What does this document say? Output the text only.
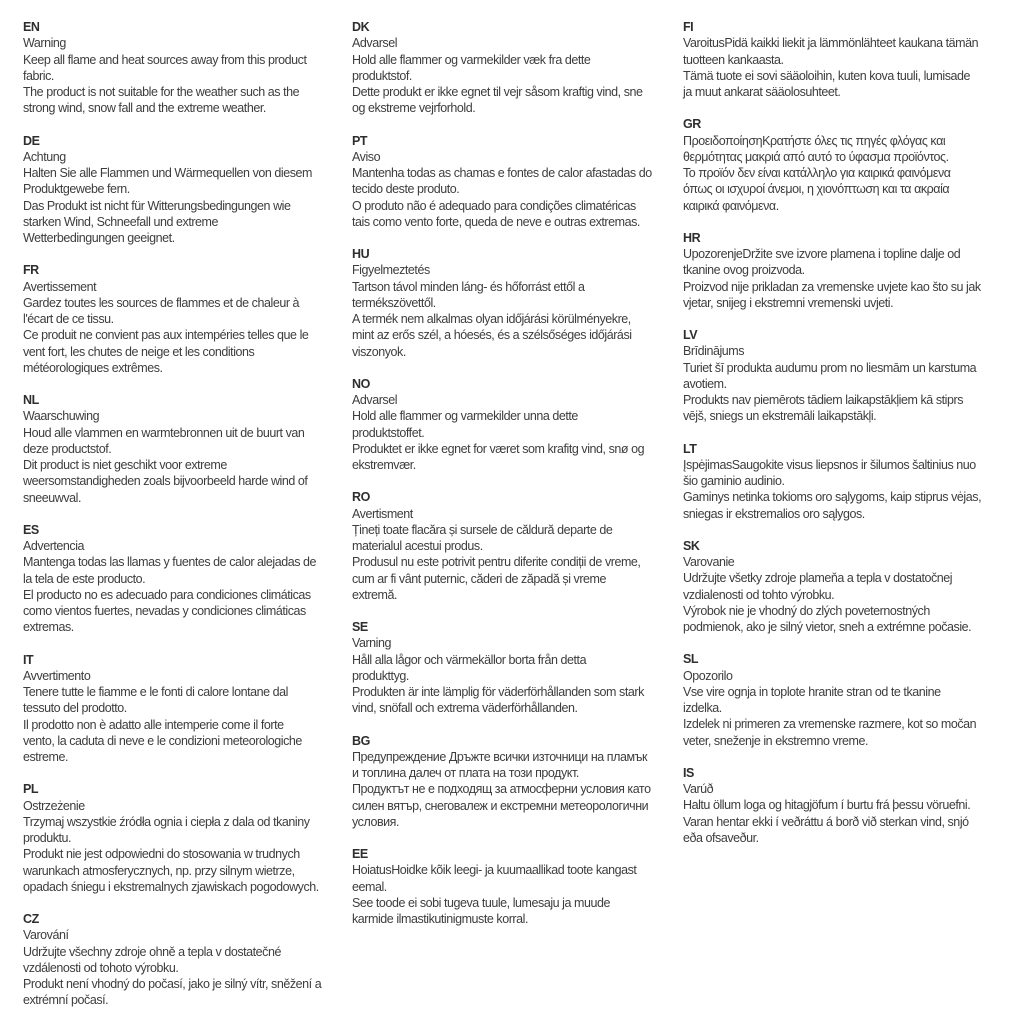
EN
Warning
Keep all flame and heat sources away from this product
fabric.
The product is not suitable for the weather such as the
strong wind, snow fall and the extreme weather.
DE
Achtung
Halten Sie alle Flammen und Wärmequellen von diesem
Produktgewebe fern.
Das Produkt ist nicht für Witterungsbedingungen wie
starken Wind, Schneefall und extreme
Wetterbedingungen geeignet.
FR
Avertissement
Gardez toutes les sources de flammes et de chaleur à
l'écart de ce tissu.
Ce produit ne convient pas aux intempéries telles que le
vent fort, les chutes de neige et les conditions
météorologiques extrêmes.
NL
Waarschuwing
Houd alle vlammen en warmtebronnen uit de buurt van
deze productstof.
Dit product is niet geschikt voor extreme
weersomstandigheden zoals bijvoorbeeld harde wind of
sneeuwval.
ES
Advertencia
Mantenga todas las llamas y fuentes de calor alejadas de
la tela de este producto.
El producto no es adecuado para condiciones climáticas
como vientos fuertes, nevadas y condiciones climáticas
extremas.
IT
Avvertimento
Tenere tutte le fiamme e le fonti di calore lontane dal
tessuto del prodotto.
Il prodotto non è adatto alle intemperie come il forte
vento, la caduta di neve e le condizioni meteorologiche
estreme.
PL
Ostrzeżenie
Trzymaj wszystkie źródła ognia i ciepła z dala od tkaniny
produktu.
Produkt nie jest odpowiedni do stosowania w trudnych
warunkach atmosferycznych, np. przy silnym wietrze,
opadach śniegu i ekstremalnych zjawiskach pogodowych.
CZ
Varování
Udržujte všechny zdroje ohně a tepla v dostatečné
vzdálenosti od tohoto výrobku.
Produkt není vhodný do počasí, jako je silný vítr, sněžení a
extrémní počasí.
DK
Advarsel
Hold alle flammer og varmekilder væk fra dette
produktstof.
Dette produkt er ikke egnet til vejr såsom kraftig vind, sne
og ekstreme vejrforhold.
PT
Aviso
Mantenha todas as chamas e fontes de calor afastadas do
tecido deste produto.
O produto não é adequado para condições climatéricas
tais como vento forte, queda de neve e outras extremas.
HU
Figyelmeztetés
Tartson távol minden láng- és hőforrást ettől a
termékszövettől.
A termék nem alkalmas olyan időjárási körülményekre,
mint az erős szél, a hóesés, és a szélsőséges időjárási
viszonyok.
NO
Advarsel
Hold alle flammer og varmekilder unna dette
produktstoffet.
Produktet er ikke egnet for været som krafitg vind, snø og
ekstremvær.
RO
Avertisment
Țineți toate flacăra și sursele de căldură departe de
materialul acestui produs.
Produsul nu este potrivit pentru diferite condiții de vreme,
cum ar fi vânt puternic, căderi de zăpadă și vreme
extremă.
SE
Varning
Håll alla lågor och värmekällor borta från detta
produkttyg.
Produkten är inte lämplig för väderförhållanden som stark
vind, snöfall och extrema väderförhållanden.
BG
Предупреждение Дръжте всички източници на пламък
и топлина далеч от плата на този продукт.
Продуктът не е подходящ за атмосферни условия като
силен вятър, снеговалеж и екстремни метеорологични
условия.
EE
HoiatusHoidke kõik leegi- ja kuumaallikad toote kangast
eemal.
See toode ei sobi tugeva tuule, lumesaju ja muude
karmide ilmastikutinigmuste korral.
FI
VaroitusPidä kaikki liekit ja lämmönlähteet kaukana tämän
tuotteen kankaasta.
Tämä tuote ei sovi sääoloihin, kuten kova tuuli, lumisade
ja muut ankarat sääolosuhteet.
GR
ΠροειδοποίησηΚρατήστε όλες τις πηγές φλόγας και
θερμότητας μακριά από αυτό το ύφασμα προϊόντος.
Το προϊόν δεν είναι κατάλληλο για καιρικά φαινόμενα
όπως οι ισχυροί άνεμοι, η χιονόπτωση και τα ακραία
καιρικά φαινόμενα.
HR
UpozorenjeDržite sve izvore plamena i topline dalje od
tkanine ovog proizvoda.
Proizvod nije prikladan za vremenske uvjete kao što su jak
vjetar, snijeg i ekstremni vremenski uvjeti.
LV
Brīdinājums
Turiet šī produkta audumu prom no liesmām un karstuma
avotiem.
Produkts nav piemērots tādiem laikapstākļiem kā stiprs
vējš, sniegs un ekstremāli laikapstākļi.
LT
ĮspėjimasSaugokite visus liepsnos ir šilumos šaltinius nuo
šio gaminio audinio.
Gaminys netinka tokioms oro sąlygoms, kaip stiprus vėjas,
sniegas ir ekstremalios oro sąlygos.
SK
Varovanie
Udržujte všetky zdroje plameňa a tepla v dostatočnej
vzdialenosti od tohto výrobku.
Výrobok nie je vhodný do zlých poveternostných
podmienok, ako je silný vietor, sneh a extrémne počasie.
SL
Opozorilo
Vse vire ognja in toplote hranite stran od te tkanine
izdelka.
Izdelek ni primeren za vremenske razmere, kot so močan
veter, sneženje in ekstremno vreme.
IS
Varúð
Haltu öllum loga og hitagjöfum í burtu frá þessu vöruefni.
Varan hentar ekki í veðráttu á borð við sterkan vind, snjó
eða ofsaveður.
